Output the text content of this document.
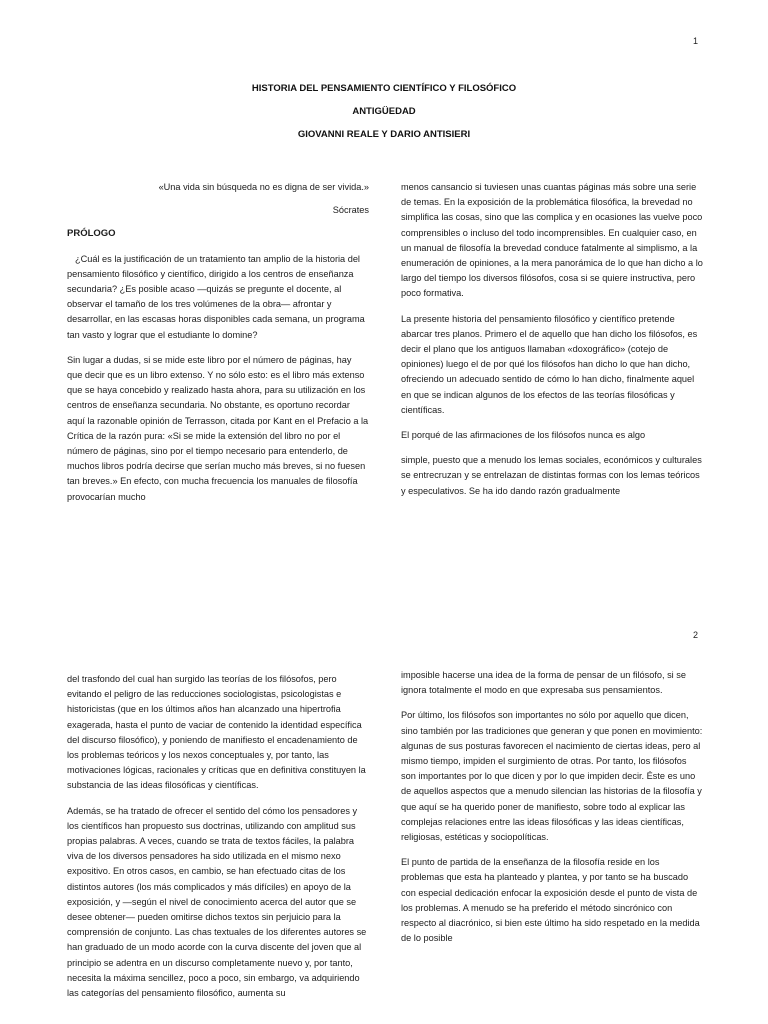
1
HISTORIA DEL PENSAMIENTO CIENTÍFICO Y FILOSÓFICO
ANTIGÜEDAD
GIOVANNI REALE Y DARIO ANTISIERI

«Una vida sin búsqueda no es digna de ser vivida.»

Sócrates

PRÓLOGO

¿Cuál es la justificación de un tratamiento tan amplio de la historia del pensamiento filosófico y científico, dirigido a los centros de enseñanza secundaria? ¿Es posible acaso —quizás se pregunte el docente, al observar el tamaño de los tres volúmenes de la obra— afrontar y desarrollar, en las escasas horas disponibles cada semana, un programa tan vasto y lograr que el estudiante lo domine?

Sin lugar a dudas, si se mide este libro por el número de páginas, hay que decir que es un libro extenso. Y no sólo esto: es el libro más extenso que se haya concebido y realizado hasta ahora, para su utilización en los centros de enseñanza secundaria. No obstante, es oportuno recordar aquí la razonable opinión de Terrasson, citada por Kant en el Prefacio a la Crítica de la razón pura: «Si se mide la extensión del libro no por el número de páginas, sino por el tiempo necesario para entenderlo, de muchos libros podría decirse que serían mucho más breves, si no fuesen tan breves.» En efecto, con mucha frecuencia los manuales de filosofía provocarían mucho

menos cansancio si tuviesen unas cuantas páginas más sobre una serie de temas. En la exposición de la problemática filosófica, la brevedad no simplifica las cosas, sino que las complica y en ocasiones las vuelve poco comprensibles o incluso del todo incomprensibles. En cualquier caso, en un manual de filosofía la brevedad conduce fatalmente al simplismo, a la enumeración de opiniones, a la mera panorámica de lo que han dicho a lo largo del tiempo los diversos filósofos, cosa si se quiere instructiva, pero poco formativa.

La presente historia del pensamiento filosófico y científico pretende abarcar tres planos. Primero el de aquello que han dicho los filósofos, es decir el plano que los antiguos llamaban «doxográfico» (cotejo de opiniones) luego el de por qué los filósofos han dicho lo que han dicho, ofreciendo un adecuado sentido de cómo lo han dicho, finalmente aquel en que se indican algunos de los efectos de las teorías filosóficas y científicas.

El porqué de las afirmaciones de los filósofos nunca es algo

simple, puesto que a menudo los lemas sociales, económicos y culturales se entrecruzan y se entrelazan de distintas formas con los lemas teóricos y especulativos. Se ha ido dando razón gradualmente

2

del trasfondo del cual han surgido las teorías de los filósofos, pero evitando el peligro de las reducciones sociologistas, psicologistas e historicistas (que en los últimos años han alcanzado una hipertrofia exagerada, hasta el punto de vaciar de contenido la identidad específica del discurso filosófico), y poniendo de manifiesto el encadenamiento de los problemas teóricos y los nexos conceptuales y, por tanto, las motivaciones lógicas, racionales y críticas que en definitiva constituyen la substancia de las ideas filosóficas y científicas.

Además, se ha tratado de ofrecer el sentido del cómo los pensadores y los científicos han propuesto sus doctrinas, utilizando con amplitud sus propias palabras. A veces, cuando se trata de textos fáciles, la palabra viva de los diversos pensadores ha sido utilizada en el mismo nexo expositivo. En otros casos, en cambio, se han efectuado citas de los distintos autores (los más complicados y más difíciles) en apoyo de la exposición, y —según el nivel de conocimiento acerca del autor que se desee obtener— pueden omitirse dichos textos sin perjuicio para la comprensión de conjunto. Las chas textuales de los diferentes autores se han graduado de un modo acorde con la curva discente del joven que al principio se adentra en un discurso completamente nuevo y, por tanto, necesita la máxima sencillez, poco a poco, sin embargo, va adquiriendo las categorías del pensamiento filosófico, aumenta su

imposible hacerse una idea de la forma de pensar de un filósofo, si se ignora totalmente el modo en que expresaba sus pensamientos.

Por último, los filósofos son importantes no sólo por aquello que dicen, sino también por las tradiciones que generan y que ponen en movimiento: algunas de sus posturas favorecen el nacimiento de ciertas ideas, pero al mismo tiempo, impiden el surgimiento de otras. Por tanto, los filósofos son importantes por lo que dicen y por lo que impiden decir. Éste es uno de aquellos aspectos que a menudo silencian las historias de la filosofía y que aquí se ha querido poner de manifiesto, sobre todo al explicar las complejas relaciones entre las ideas filosóficas y las ideas científicas, religiosas, estéticas y sociopolíticas.

El punto de partida de la enseñanza de la filosofía reside en los problemas que esta ha planteado y plantea, y por tanto se ha buscado con especial dedicación enfocar la exposición desde el punto de vista de los problemas. A menudo se ha preferido el método sincrónico con respecto al diacrónico, si bien este último ha sido respetado en la medida de lo posible
